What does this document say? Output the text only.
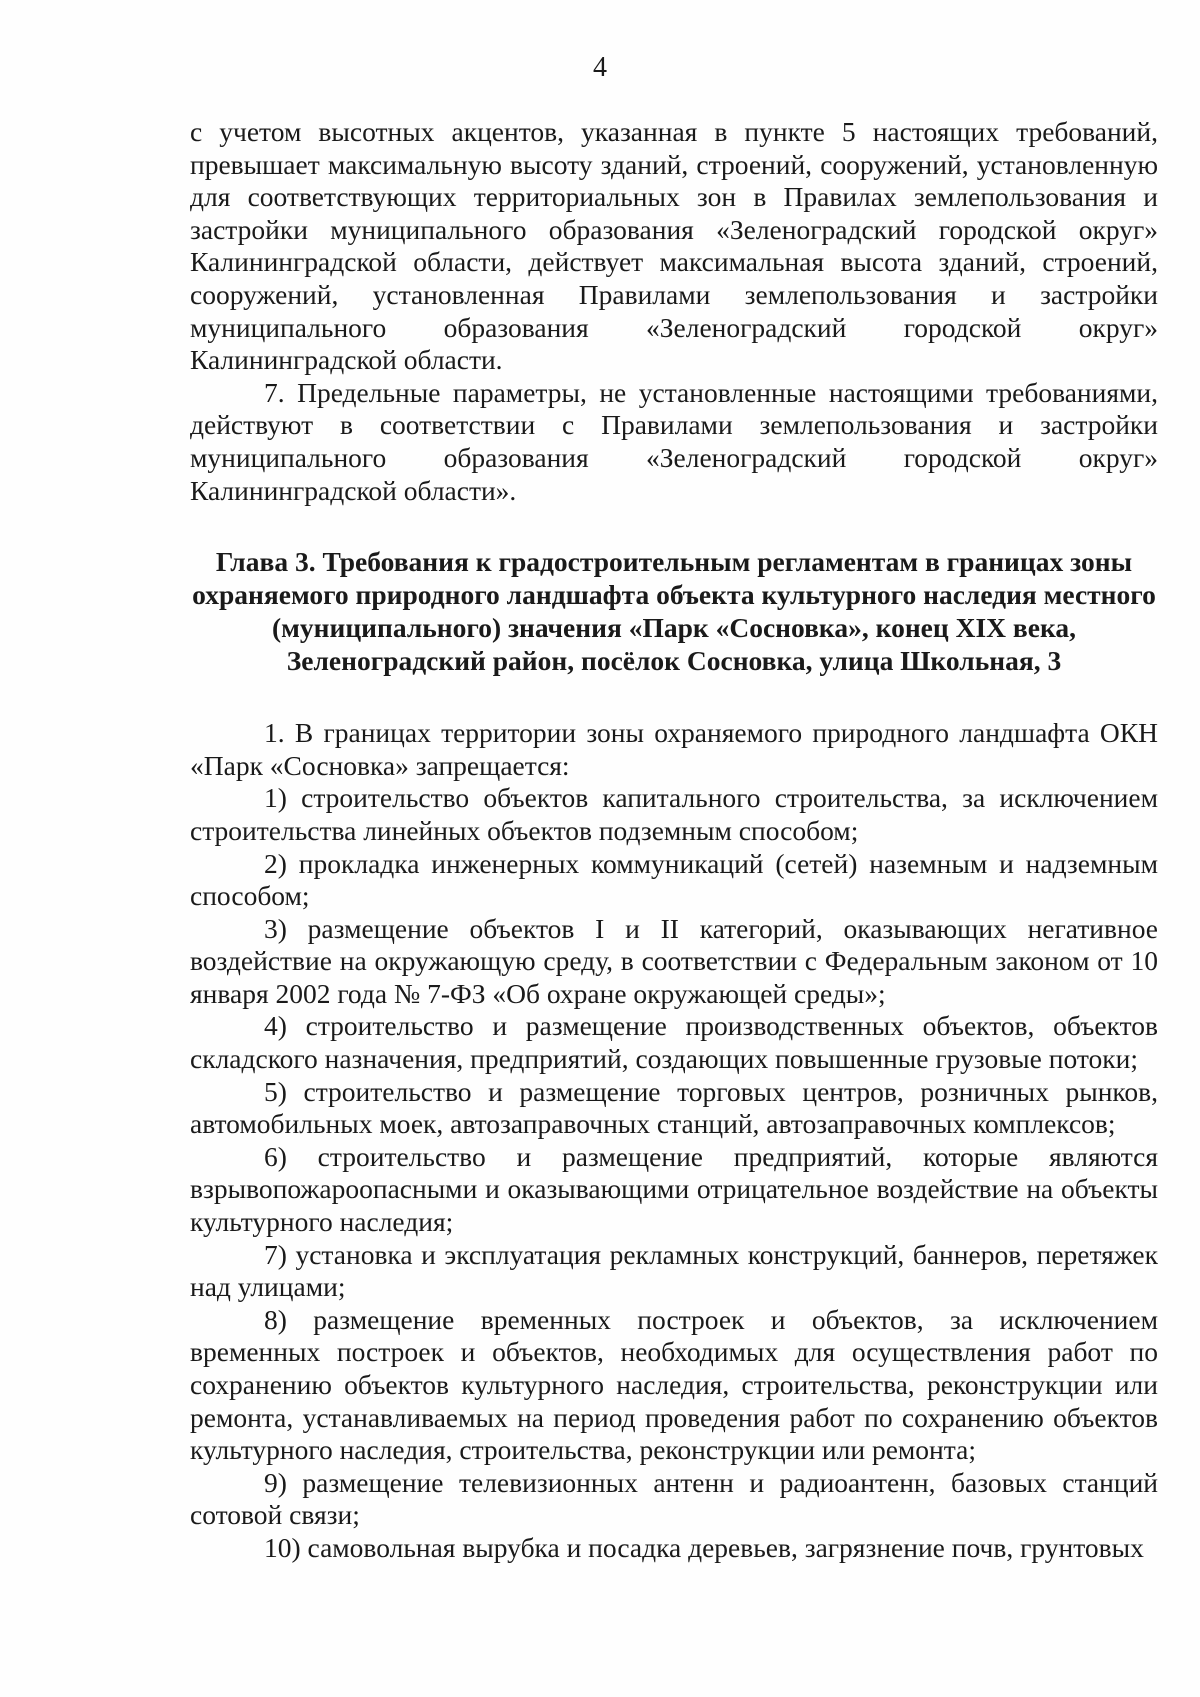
4

с учетом высотных акцентов, указанная в пункте 5 настоящих требований, превышает максимальную высоту зданий, строений, сооружений, установленную для соответствующих территориальных зон в Правилах землепользования и застройки муниципального образования «Зеленоградский городской округ» Калининградской области, действует максимальная высота зданий, строений, сооружений, установленная Правилами землепользования и застройки муниципального образования «Зеленоградский городской округ» Калининградской области.

7. Предельные параметры, не установленные настоящими требованиями, действуют в соответствии с Правилами землепользования и застройки муниципального образования «Зеленоградский городской округ» Калининградской области».

Глава 3. Требования к градостроительным регламентам в границах зоны охраняемого природного ландшафта объекта культурного наследия местного (муниципального) значения «Парк «Сосновка», конец XIX века, Зеленоградский район, посёлок Сосновка, улица Школьная, 3

1. В границах территории зоны охраняемого природного ландшафта ОКН «Парк «Сосновка» запрещается:

1) строительство объектов капитального строительства, за исключением строительства линейных объектов подземным способом;

2) прокладка инженерных коммуникаций (сетей) наземным и надземным способом;

3) размещение объектов I и II категорий, оказывающих негативное воздействие на окружающую среду, в соответствии с Федеральным законом от 10 января 2002 года № 7-ФЗ «Об охране окружающей среды»;

4) строительство и размещение производственных объектов, объектов складского назначения, предприятий, создающих повышенные грузовые потоки;

5) строительство и размещение торговых центров, розничных рынков, автомобильных моек, автозаправочных станций, автозаправочных комплексов;

6) строительство и размещение предприятий, которые являются взрывопожароопасными и оказывающими отрицательное воздействие на объекты культурного наследия;

7) установка и эксплуатация рекламных конструкций, баннеров, перетяжек над улицами;

8) размещение временных построек и объектов, за исключением временных построек и объектов, необходимых для осуществления работ по сохранению объектов культурного наследия, строительства, реконструкции или ремонта, устанавливаемых на период проведения работ по сохранению объектов культурного наследия, строительства, реконструкции или ремонта;

9) размещение телевизионных антенн и радиоантенн, базовых станций сотовой связи;

10) самовольная вырубка и посадка деревьев, загрязнение почв, грунтовых
